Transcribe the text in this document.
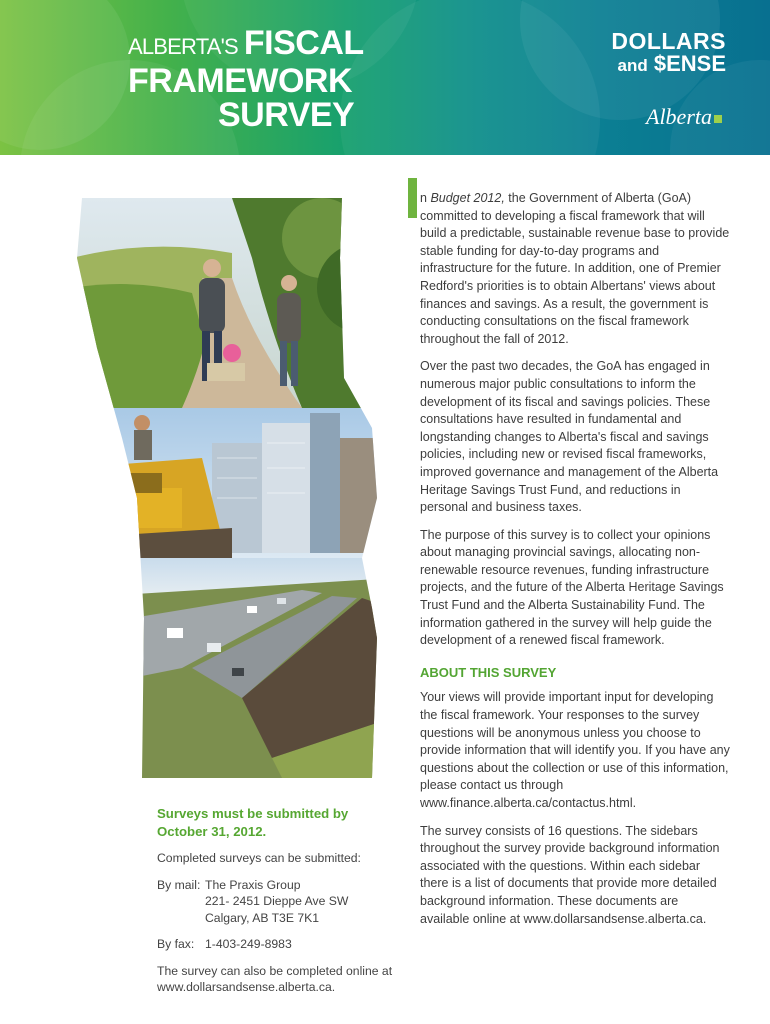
ALBERTA'S FISCAL
FRAMEWORK
SURVEY
DOLLARS
and $ENSE
Alberta

n Budget 2012, the Government of Alberta (GoA) committed to developing a fiscal framework that will build a predictable, sustainable revenue base to provide stable funding for day-to-day programs and infrastructure for the future. In addition, one of Premier Redford's priorities is to obtain Albertans' views about finances and savings. As a result, the government is conducting consultations on the fiscal framework throughout the fall of 2012.

Over the past two decades, the GoA has engaged in numerous major public consultations to inform the development of its fiscal and savings policies. These consultations have resulted in fundamental and longstanding changes to Alberta's fiscal and savings policies, including new or revised fiscal frameworks, improved governance and management of the Alberta Heritage Savings Trust Fund, and reductions in personal and business taxes.

The purpose of this survey is to collect your opinions about managing provincial savings, allocating non-renewable resource revenues, funding infrastructure projects, and the future of the Alberta Heritage Savings Trust Fund and the Alberta Sustainability Fund. The information gathered in the survey will help guide the development of a renewed fiscal framework.

ABOUT THIS SURVEY

Your views will provide important input for developing the fiscal framework. Your responses to the survey questions will be anonymous unless you choose to provide information that will identify you. If you have any questions about the collection or use of this information, please contact us through www.finance.alberta.ca/contactus.html.

The survey consists of 16 questions. The sidebars throughout the survey provide background information associated with the questions. Within each sidebar there is a list of documents that provide more detailed background information. These documents are available online at www.dollarsandsense.alberta.ca.

Surveys must be submitted by October 31, 2012.

Completed surveys can be submitted:

By mail:	The Praxis Group
	221- 2451 Dieppe Ave SW
	Calgary, AB T3E 7K1
By fax:	1-403-249-8983

The survey can also be completed online at www.dollarsandsense.alberta.ca.
